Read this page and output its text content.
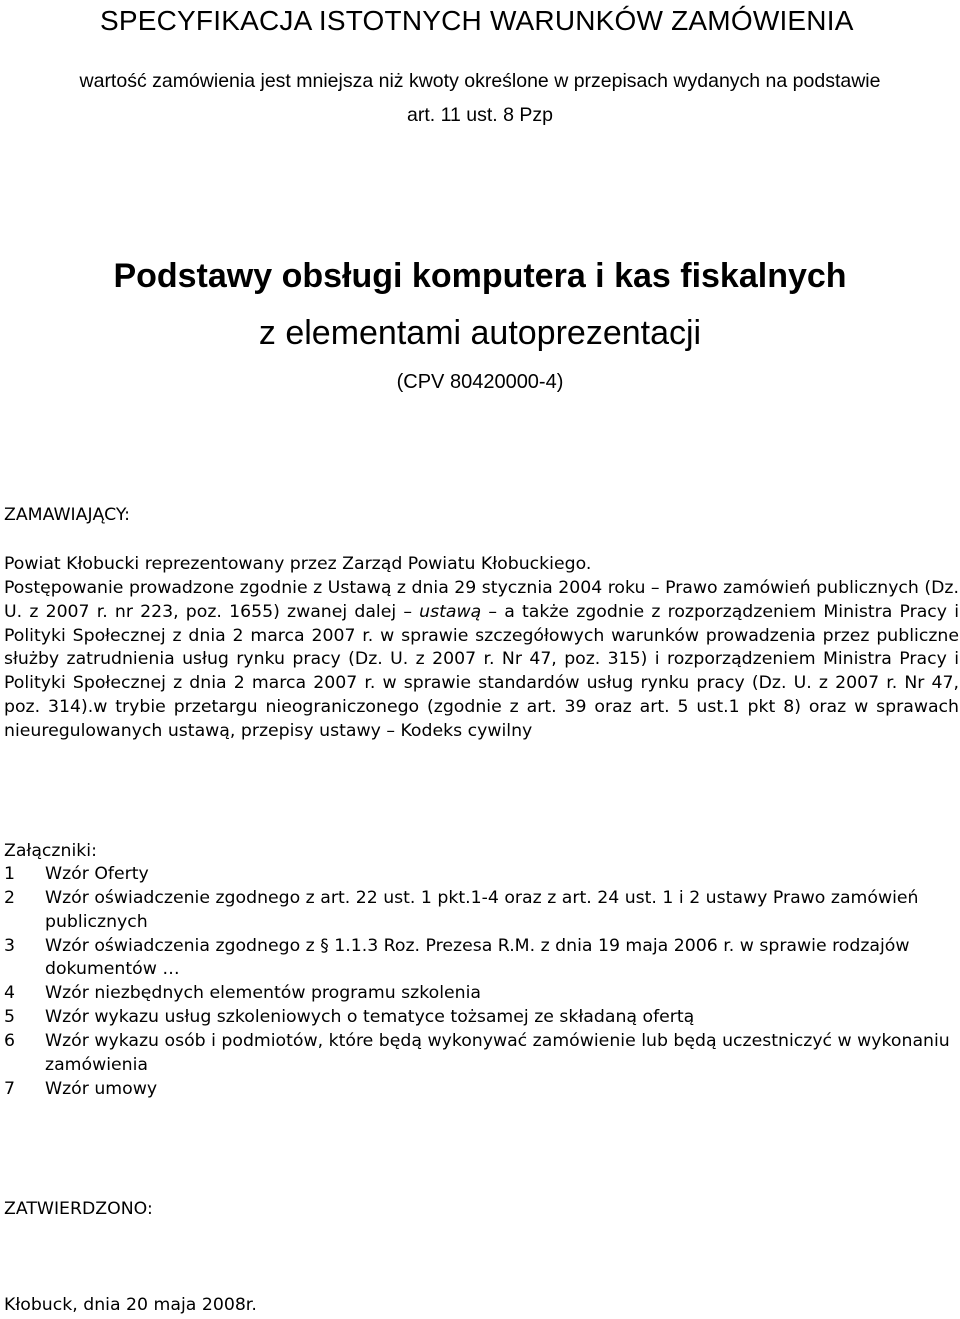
SPECYFIKACJA ISTOTNYCH WARUNKÓW ZAMÓWIENIA

wartość zamówienia jest mniejsza niż kwoty określone w przepisach wydanych na podstawie
art. 11 ust. 8 Pzp

Podstawy obsługi komputera i kas fiskalnych
z elementami autoprezentacji

(CPV 80420000-4)

ZAMAWIAJĄCY:

Powiat Kłobucki reprezentowany przez Zarząd Powiatu Kłobuckiego.

Postępowanie prowadzone zgodnie z Ustawą z dnia 29 stycznia 2004 roku – Prawo zamówień publicznych (Dz. U. z 2007 r. nr 223, poz. 1655) zwanej dalej – ustawą – a także zgodnie z rozporządzeniem Ministra Pracy i Polityki Społecznej z dnia 2 marca 2007 r. w sprawie szczegółowych warunków prowadzenia przez publiczne służby zatrudnienia usług rynku pracy (Dz. U. z 2007 r. Nr 47, poz. 315) i rozporządzeniem Ministra Pracy i Polityki Społecznej z dnia 2 marca 2007 r. w sprawie standardów usług rynku pracy (Dz. U. z 2007 r. Nr 47, poz. 314).w trybie przetargu nieograniczonego (zgodnie z art. 39 oraz art. 5 ust.1 pkt 8) oraz w sprawach nieuregulowanych ustawą, przepisy ustawy – Kodeks cywilny

Załączniki:
1	Wzór Oferty
2	Wzór oświadczenie zgodnego z art. 22 ust. 1 pkt.1-4 oraz z art. 24 ust. 1 i 2 ustawy Prawo zamówień publicznych
3	Wzór oświadczenia zgodnego z § 1.1.3 Roz. Prezesa R.M. z dnia 19 maja 2006 r. w sprawie rodzajów dokumentów …
4	Wzór niezbędnych elementów programu szkolenia
5	Wzór wykazu usług szkoleniowych o tematyce tożsamej ze składaną ofertą
6	Wzór wykazu osób i podmiotów, które będą wykonywać zamówienie lub będą uczestniczyć w wykonaniu zamówienia
7	Wzór umowy
ZATWIERDZONO:
Kłobuck, dnia 20 maja 2008r.
